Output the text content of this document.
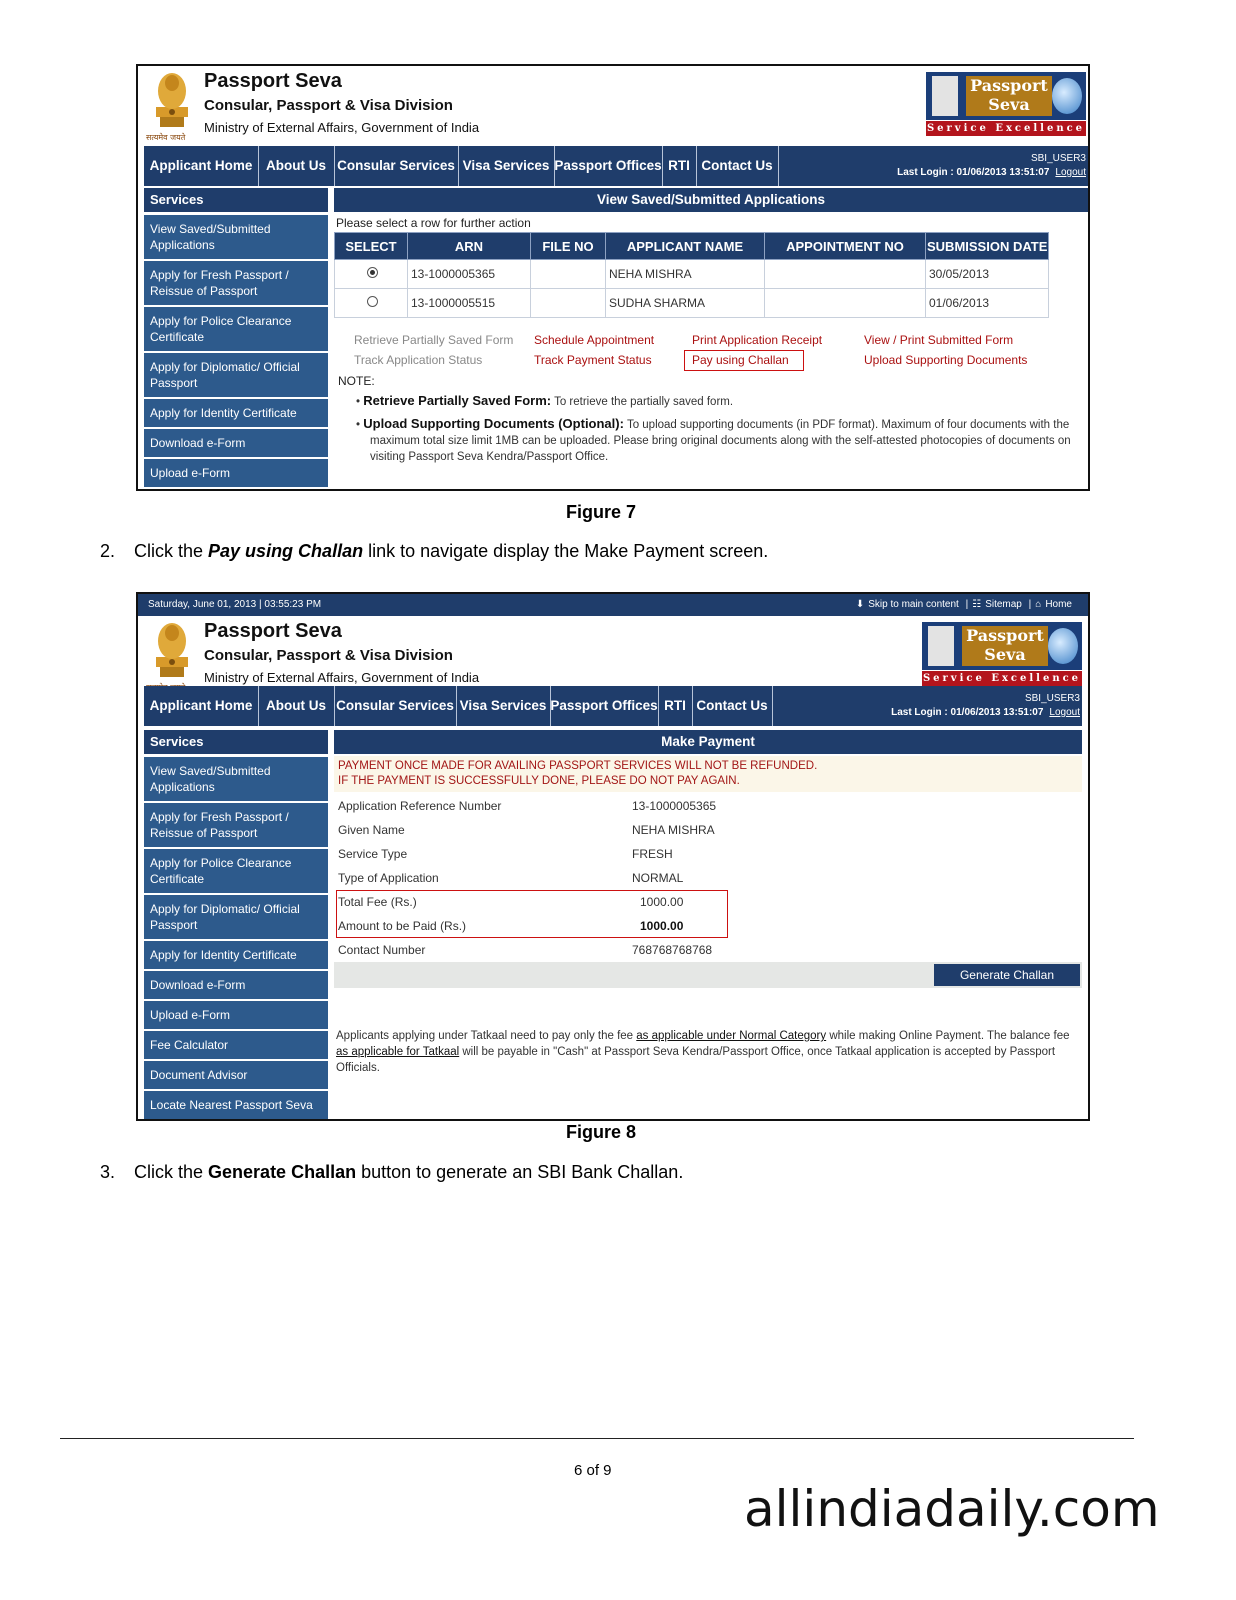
सत्यमेव जयते
Passport Seva
Consular, Passport & Visa Division
Ministry of External Affairs, Government of India
Passport
Seva
Service Excellence
Applicant Home	About Us Consular Services Visa Services Passport Offices RTI Contact Us	SBI_USER3
Last Login : 01/06/2013 13:51:07 Logout
Services
View Saved/Submitted Applications
Apply for Fresh Passport / Reissue of Passport
Apply for Police Clearance Certificate
Apply for Diplomatic/ Official Passport
Apply for Identity Certificate
Download e-Form
Upload e-Form
View Saved/Submitted Applications
Please select a row for further action
SELECT	ARN	FILE NO	APPLICANT NAME	APPOINTMENT NO	SUBMISSION DATE
	13-1000005365		NEHA MISHRA		30/05/2013
	13-1000005515		SUDHA SHARMA		01/06/2013
Retrieve Partially Saved Form Schedule Appointment	Print Application Receipt	View / Print Submitted Form
Track Application Status	Track Payment Status	Pay using Challan	Upload Supporting Documents
NOTE:
• Retrieve Partially Saved Form: To retrieve the partially saved form.
• Upload Supporting Documents (Optional): To upload supporting documents (in PDF format). Maximum of four documents with the maximum total size limit 1MB can be uploaded. Please bring original documents along with the self-attested photocopies of documents on visiting Passport Seva Kendra/Passport Office.
Figure 7
2. Click the Pay using Challan link to navigate display the Make Payment screen.
Saturday, June 01, 2013 | 03:55:23 PM	⬇ Skip to main content | ☷ Sitemap | ⌂ Home
Passport Seva
Consular, Passport & Visa Division
Ministry of External Affairs, Government of India
Passport
Seva
Service Excellence
Applicant Home	About Us Consular Services Visa Services Passport Offices RTI Contact Us	SBI_USER3
Last Login : 01/06/2013 13:51:07 Logout
Services
View Saved/Submitted Applications
Apply for Fresh Passport / Reissue of Passport
Apply for Police Clearance Certificate
Apply for Diplomatic/ Official Passport
Apply for Identity Certificate
Download e-Form
Upload e-Form
Fee Calculator
Document Advisor
Locate Nearest Passport Seva
Make Payment
PAYMENT ONCE MADE FOR AVAILING PASSPORT SERVICES WILL NOT BE REFUNDED.
IF THE PAYMENT IS SUCCESSFULLY DONE, PLEASE DO NOT PAY AGAIN.
Application Reference Number	13-1000005365
Given Name	NEHA MISHRA
Service Type	FRESH
Type of Application	NORMAL
Total Fee (Rs.)	1000.00
Amount to be Paid (Rs.)	1000.00
Contact Number	768768768768
Generate Challan
Applicants applying under Tatkaal need to pay only the fee as applicable under Normal Category while making Online Payment. The balance fee as applicable for Tatkaal will be payable in "Cash" at Passport Seva Kendra/Passport Office, once Tatkaal application is accepted by Passport Officials.
Figure 8
3. Click the Generate Challan button to generate an SBI Bank Challan.
6 of 9
allindiadaily.com
